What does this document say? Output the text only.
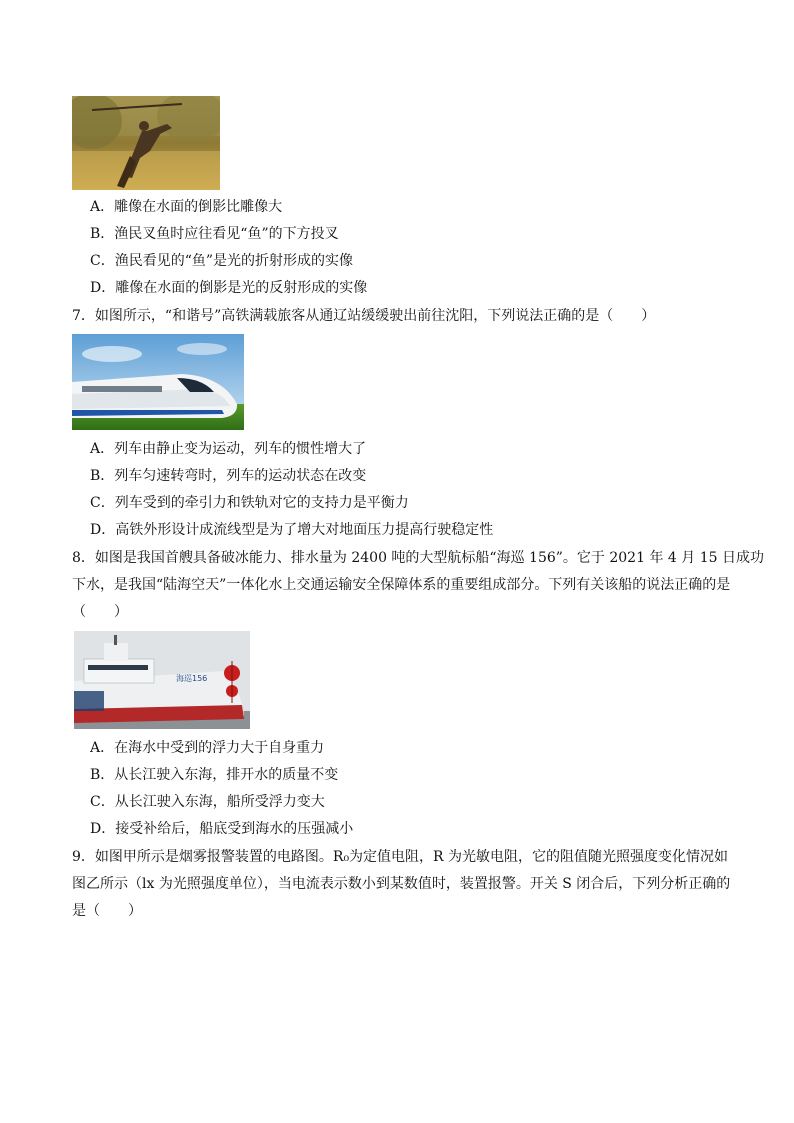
A．雕像在水面的倒影比雕像大
B．渔民叉鱼时应往看见“鱼”的下方投叉
C．渔民看见的“鱼”是光的折射形成的实像
D．雕像在水面的倒影是光的反射形成的实像
7．如图所示，“和谐号”高铁满载旅客从通辽站缓缓驶出前往沈阳，下列说法正确的是（　　）
A．列车由静止变为运动，列车的惯性增大了
B．列车匀速转弯时，列车的运动状态在改变
C．列车受到的牵引力和铁轨对它的支持力是平衡力
D．高铁外形设计成流线型是为了增大对地面压力提高行驶稳定性
8．如图是我国首艘具备破冰能力、排水量为 2400 吨的大型航标船“海巡 156”。它于 2021 年 4 月 15 日成功
下水，是我国“陆海空天”一体化水上交通运输安全保障体系的重要组成部分。下列有关该船的说法正确的是
（　　）
海巡156
A．在海水中受到的浮力大于自身重力
B．从长江驶入东海，排开水的质量不变
C．从长江驶入东海，船所受浮力变大
D．接受补给后，船底受到海水的压强减小
9．如图甲所示是烟雾报警装置的电路图。R₀为定值电阻，R 为光敏电阻，它的阻值随光照强度变化情况如
图乙所示（lx 为光照强度单位），当电流表示数小到某数值时，装置报警。开关 S 闭合后，下列分析正确的
是（　　）
